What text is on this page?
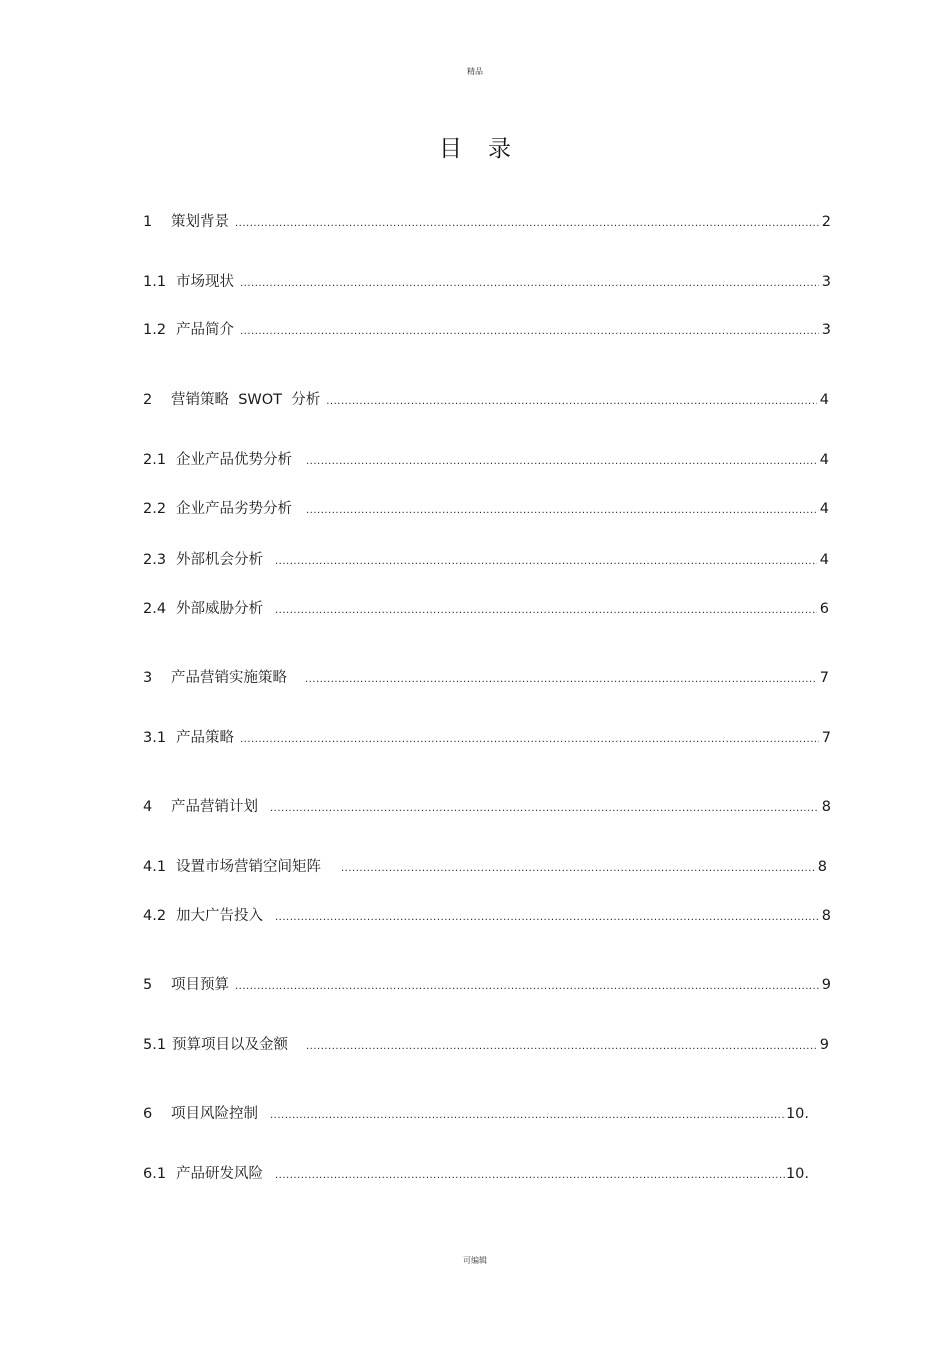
精品
目录
1	策划背景 .....	2
1.1 市场现状 .....	3
1.2 产品简介 .....	3
2	营销策略  SWOT  分析 .....	4
2.1 企业产品优势分析 .....	4
2.2 企业产品劣势分析 .....	4
2.3 外部机会分析 .....	4
2.4 外部威胁分析 .....	6
3	产品营销实施策略 .....	7
3.1 产品策略 .....	7
4	产品营销计划 .....	8
4.1 设置市场营销空间矩阵 .....	8
4.2 加大广告投入 .....	8
5	项目预算 .....	9
5.1 预算项目以及金额 .....	9
6	项目风险控制 .....	10.
6.1 产品研发风险 .....	10.
可编辑
